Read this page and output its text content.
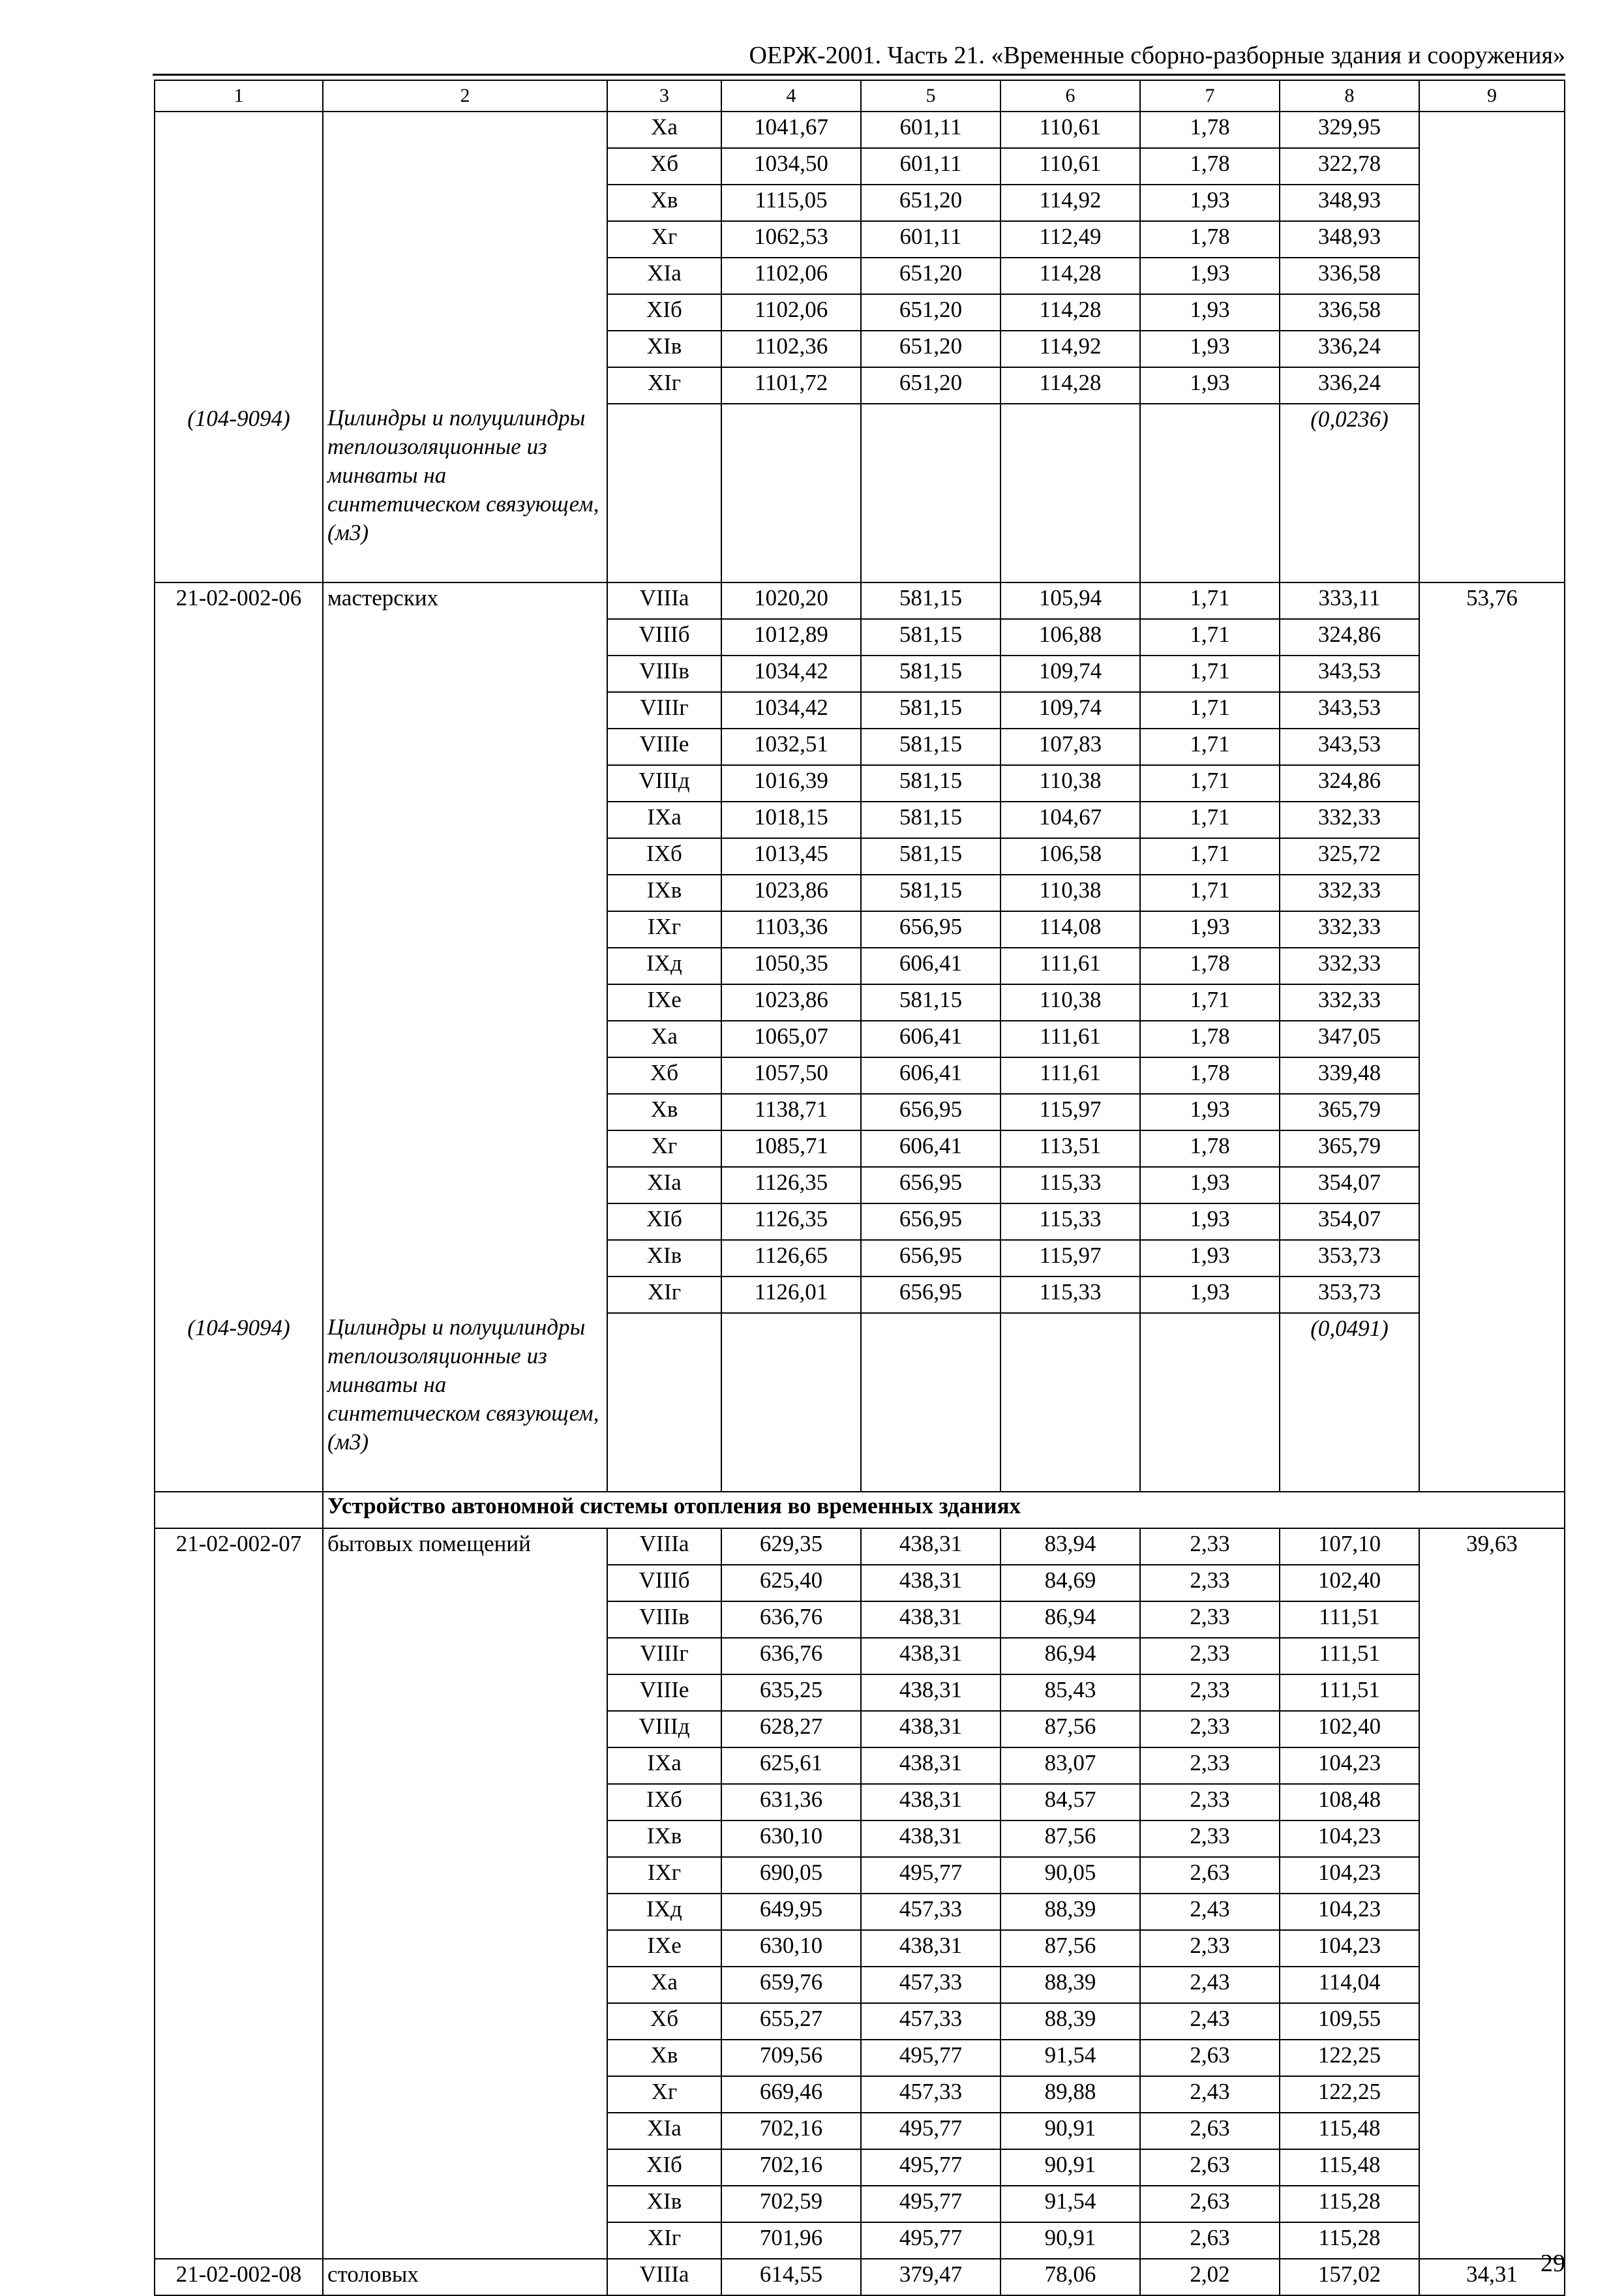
ОЕРЖ-2001. Часть 21. «Временные сборно-разборные здания и сооружения»
1	2	3	4	5	6	7	8	9
		Xа	1041,67	601,11	110,61	1,78	329,95	
		Xб	1034,50	601,11	110,61	1,78	322,78	
		Xв	1115,05	651,20	114,92	1,93	348,93	
		Xг	1062,53	601,11	112,49	1,78	348,93	
		XIа	1102,06	651,20	114,28	1,93	336,58	
		XIб	1102,06	651,20	114,28	1,93	336,58	
		XIв	1102,36	651,20	114,92	1,93	336,24	
		XIг	1101,72	651,20	114,28	1,93	336,24	

(104-9094)	Цилиндры и полуцилиндры теплоизоляционные из минваты на синтетическом связующем, (м3)						(0,0236)	
21-02-002-06	мастерских	VIIIа	1020,20	581,15	105,94	1,71	333,11	53,76
		VIIIб	1012,89	581,15	106,88	1,71	324,86	
		VIIIв	1034,42	581,15	109,74	1,71	343,53	
		VIIIг	1034,42	581,15	109,74	1,71	343,53	
		VIIIе	1032,51	581,15	107,83	1,71	343,53	
		VIIIд	1016,39	581,15	110,38	1,71	324,86	
		IXа	1018,15	581,15	104,67	1,71	332,33	
		IXб	1013,45	581,15	106,58	1,71	325,72	
		IXв	1023,86	581,15	110,38	1,71	332,33	
		IXг	1103,36	656,95	114,08	1,93	332,33	
		IXд	1050,35	606,41	111,61	1,78	332,33	
		IXе	1023,86	581,15	110,38	1,71	332,33	
		Xа	1065,07	606,41	111,61	1,78	347,05	
		Xб	1057,50	606,41	111,61	1,78	339,48	
		Xв	1138,71	656,95	115,97	1,93	365,79	
		Xг	1085,71	606,41	113,51	1,78	365,79	
		XIа	1126,35	656,95	115,33	1,93	354,07	
		XIб	1126,35	656,95	115,33	1,93	354,07	
		XIв	1126,65	656,95	115,97	1,93	353,73	
		XIг	1126,01	656,95	115,33	1,93	353,73	

(104-9094)	Цилиндры и полуцилиндры теплоизоляционные из минваты на синтетическом связующем, (м3)						(0,0491)	
	Устройство автономной системы отопления во временных зданиях							
21-02-002-07	бытовых помещений	VIIIа	629,35	438,31	83,94	2,33	107,10	39,63
		VIIIб	625,40	438,31	84,69	2,33	102,40	
		VIIIв	636,76	438,31	86,94	2,33	111,51	
		VIIIг	636,76	438,31	86,94	2,33	111,51	
		VIIIе	635,25	438,31	85,43	2,33	111,51	
		VIIIд	628,27	438,31	87,56	2,33	102,40	
		IXа	625,61	438,31	83,07	2,33	104,23	
		IXб	631,36	438,31	84,57	2,33	108,48	
		IXв	630,10	438,31	87,56	2,33	104,23	
		IXг	690,05	495,77	90,05	2,63	104,23	
		IXд	649,95	457,33	88,39	2,43	104,23	
		IXе	630,10	438,31	87,56	2,33	104,23	
		Xа	659,76	457,33	88,39	2,43	114,04	
		Xб	655,27	457,33	88,39	2,43	109,55	
		Xв	709,56	495,77	91,54	2,63	122,25	
		Xг	669,46	457,33	89,88	2,43	122,25	
		XIа	702,16	495,77	90,91	2,63	115,48	
		XIб	702,16	495,77	90,91	2,63	115,48	
		XIв	702,59	495,77	91,54	2,63	115,28	
		XIг	701,96	495,77	90,91	2,63	115,28	
21-02-002-08	столовых	VIIIа	614,55	379,47	78,06	2,02	157,02	34,31 29
